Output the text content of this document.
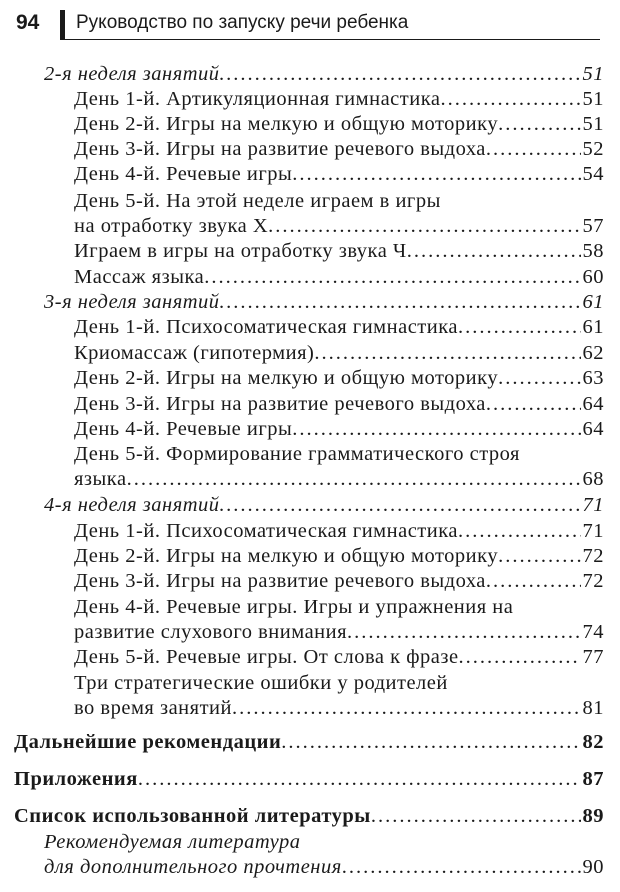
94 Руководство по запуску речи ребенка
2-я неделя занятий .....	51
День 1-й. Артикуляционная гимнастика .....	51
День 2-й. Игры на мелкую и общую моторику .....	51
День 3-й. Игры на развитие речевого выдоха .....	52
День 4-й. Речевые игры .....	54
День 5-й. На этой неделе играем в игры
на отработку звука Х .....	57
Играем в игры на отработку звука Ч .....	58
Массаж языка .....	60
3-я неделя занятий .....	61
День 1-й. Психосоматическая гимнастика .....	61
Криомассаж (гипотермия) .....	62
День 2-й. Игры на мелкую и общую моторику .....	63
День 3-й. Игры на развитие речевого выдоха .....	64
День 4-й. Речевые игры .....	64
День 5-й. Формирование грамматического строя
языка .....	68
4-я неделя занятий .....	71
День 1-й. Психосоматическая гимнастика .....	71
День 2-й. Игры на мелкую и общую моторику .....	72
День 3-й. Игры на развитие речевого выдоха .....	72
День 4-й. Речевые игры. Игры и упражнения на
развитие слухового внимания .....	74
День 5-й. Речевые игры. От слова к фразе .....	77
Три стратегические ошибки у родителей
во время занятий .....	81
Дальнейшие рекомендации .....	82
Приложения .....	87
Список использованной литературы .....	89
Рекомендуемая литература
для дополнительного прочтения .....	90
